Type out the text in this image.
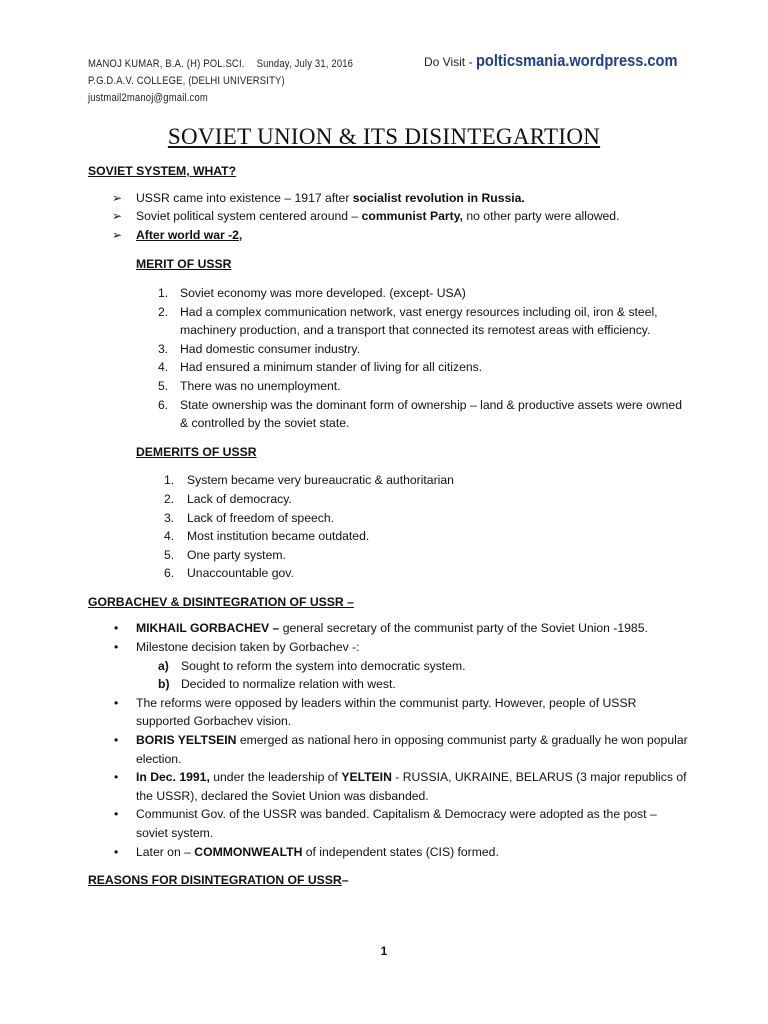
MANOJ KUMAR, B.A. (H) POL.SCI. Sunday, July 31, 2016
P.G.D.A.V. COLLEGE, (DELHI UNIVERSITY)
justmail2manoj@gmail.com
Do Visit - polticsmania.wordpress.com
SOVIET UNION & ITS DISINTEGARTION

SOVIET SYSTEM, WHAT?

➢ USSR came into existence – 1917 after socialist revolution in Russia.
➢ Soviet political system centered around – communist Party, no other party were allowed.
➢ After world war -2,

MERIT OF USSR

1. Soviet economy was more developed. (except- USA)
2. Had a complex communication network, vast energy resources including oil, iron & steel, machinery production, and a transport that connected its remotest areas with efficiency.
3. Had domestic consumer industry.
4. Had ensured a minimum stander of living for all citizens.
5. There was no unemployment.
6. State ownership was the dominant form of ownership – land & productive assets were owned & controlled by the soviet state.

DEMERITS OF USSR

1. System became very bureaucratic & authoritarian
2. Lack of democracy.
3. Lack of freedom of speech.
4. Most institution became outdated.
5. One party system.
6. Unaccountable gov.

GORBACHEV & DISINTEGRATION OF USSR –

• MIKHAIL GORBACHEV – general secretary of the communist party of the Soviet Union -1985.
• Milestone decision taken by Gorbachev -:
a) Sought to reform the system into democratic system.
b) Decided to normalize relation with west.
• The reforms were opposed by leaders within the communist party. However, people of USSR supported Gorbachev vision.
• BORIS YELTSEIN emerged as national hero in opposing communist party & gradually he won popular election.
• In Dec. 1991, under the leadership of YELTEIN - RUSSIA, UKRAINE, BELARUS (3 major republics of the USSR), declared the Soviet Union was disbanded.
• Communist Gov. of the USSR was banded. Capitalism & Democracy were adopted as the post – soviet system.
• Later on – COMMONWEALTH of independent states (CIS) formed.

REASONS FOR DISINTEGRATION OF USSR–

1
